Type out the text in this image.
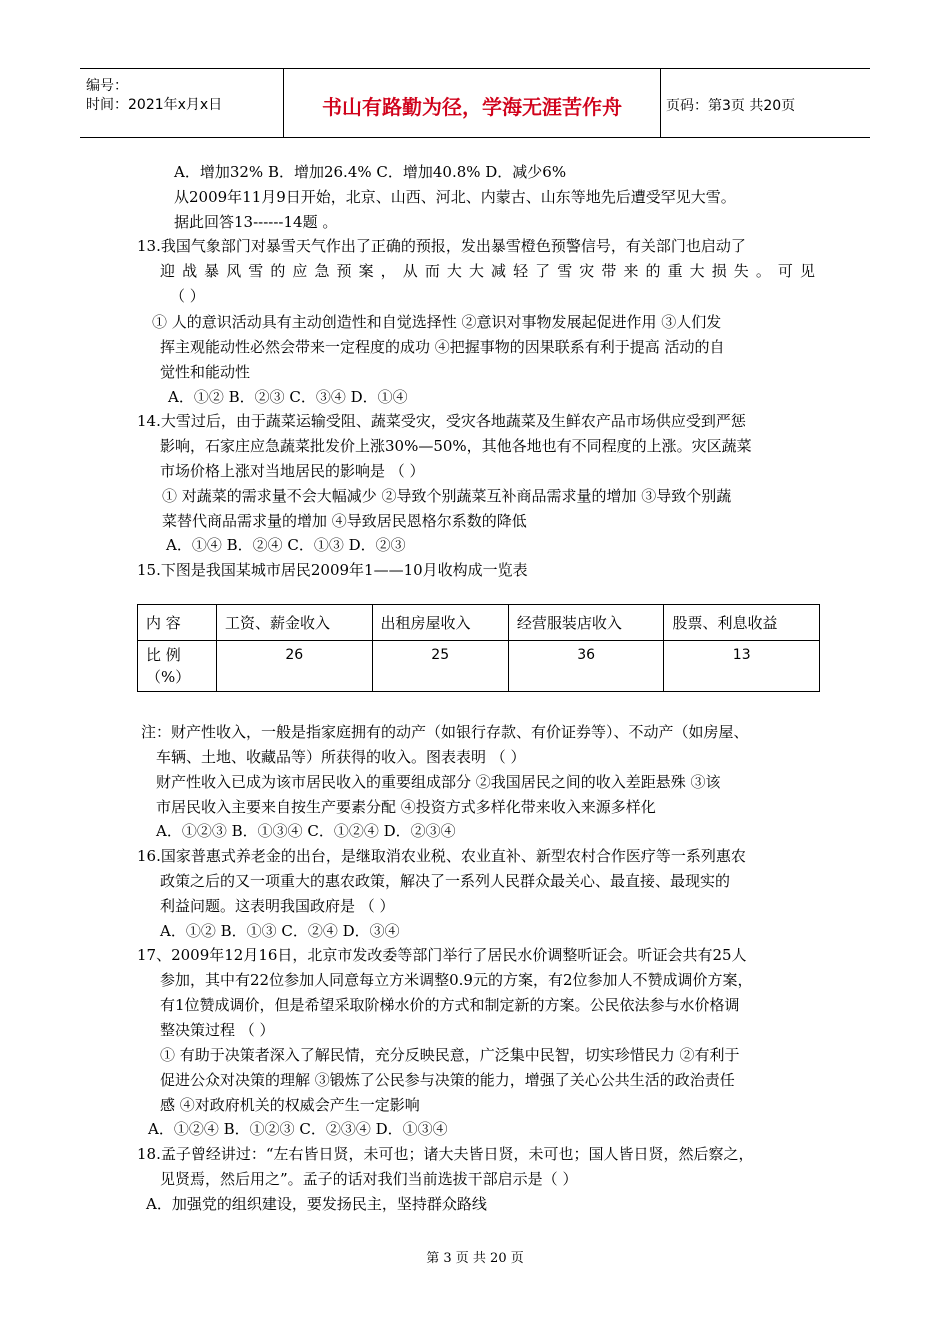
编号：
时间：2021年x月x日	书山有路勤为径，学海无涯苦作舟	页码：第3页 共20页
A．增加32% B．增加26.4% C．增加40.8% D．减少6%
从2009年11月9日开始，北京、山西、河北、内蒙古、山东等地先后遭受罕见大雪。
据此回答13------14题 。
13.我国气象部门对暴雪天气作出了正确的预报，发出暴雪橙色预警信号，有关部门也启动了
迎战暴风雪的应急预案，从而大大减轻了雪灾带来的重大损失。可见
（ ）
① 人的意识活动具有主动创造性和自觉选择性 ②意识对事物发展起促进作用 ③人们发
挥主观能动性必然会带来一定程度的成功 ④把握事物的因果联系有利于提高 活动的自
觉性和能动性
A．①② B．②③ C．③④ D．①④
14.大雪过后，由于蔬菜运输受阻、蔬菜受灾，受灾各地蔬菜及生鲜农产品市场供应受到严惩
影响，石家庄应急蔬菜批发价上涨30%—50%，其他各地也有不同程度的上涨。灾区蔬菜
市场价格上涨对当地居民的影响是 （ ）
① 对蔬菜的需求量不会大幅减少 ②导致个别蔬菜互补商品需求量的增加 ③导致个别蔬
菜替代商品需求量的增加 ④导致居民恩格尔系数的降低
A．①④ B．②④ C．①③ D．②③
15.下图是我国某城市居民2009年1——10月收构成一览表
内 容	工资、薪金收入	出租房屋收入	经营服装店收入	股票、利息收益

比 例
（%）	26	25	36	13
注：财产性收入，一般是指家庭拥有的动产（如银行存款、有价证券等）、不动产（如房屋、
车辆、土地、收藏品等）所获得的收入。图表表明 （ ）
财产性收入已成为该市居民收入的重要组成部分 ②我国居民之间的收入差距悬殊 ③该
市居民收入主要来自按生产要素分配 ④投资方式多样化带来收入来源多样化
A．①②③ B．①③④ C．①②④ D．②③④
16.国家普惠式养老金的出台，是继取消农业税、农业直补、新型农村合作医疗等一系列惠农
政策之后的又一项重大的惠农政策，解决了一系列人民群众最关心、最直接、最现实的
利益问题。这表明我国政府是 （ ）
A．①② B．①③ C．②④ D．③④
17、2009年12月16日，北京市发改委等部门举行了居民水价调整听证会。听证会共有25人
参加，其中有22位参加人同意每立方米调整0.9元的方案，有2位参加人不赞成调价方案，
有1位赞成调价，但是希望采取阶梯水价的方式和制定新的方案。公民依法参与水价格调
整决策过程 （ ）
① 有助于决策者深入了解民情，充分反映民意，广泛集中民智，切实珍惜民力 ②有利于
促进公众对决策的理解 ③锻炼了公民参与决策的能力，增强了关心公共生活的政治责任
感 ④对政府机关的权威会产生一定影响
A．①②④ B．①②③ C．②③④ D．①③④
18.孟子曾经讲过：“左右皆日贤，未可也；诸大夫皆日贤，未可也；国人皆日贤，然后察之，
见贤焉，然后用之”。孟子的话对我们当前选拔干部启示是（ ）
A．加强党的组织建设，要发扬民主，坚持群众路线
第 3 页 共 20 页
